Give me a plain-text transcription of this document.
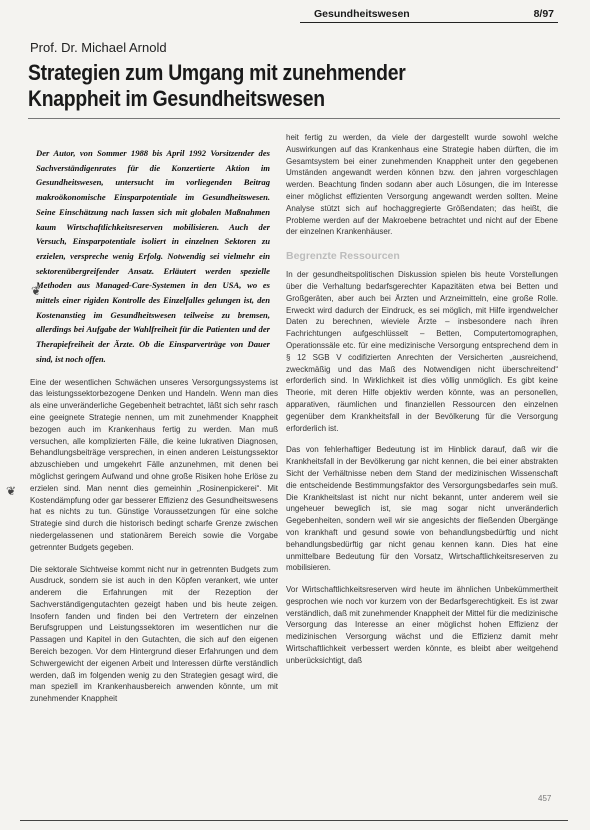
Gesundheitswesen	8/97
Prof. Dr. Michael Arnold
Strategien zum Umgang mit zunehmender Knappheit im Gesundheitswesen

Der Autor, von Sommer 1988 bis April 1992 Vorsitzender des Sachverständigenrates für die Konzertierte Aktion im Gesundheitswesen, untersucht im vorliegenden Beitrag makroökonomische Einsparpotentiale im Gesundheitswesen. Seine Einschätzung nach lassen sich mit globalen Maßnahmen kaum Wirtschaftlichkeitsreserven mobilisieren. Auch der Versuch, Einsparpotentiale isoliert in einzelnen Sektoren zu erzielen, verspreche wenig Erfolg. Notwendig sei vielmehr ein sektorenübergreifender Ansatz. Erläutert werden spezielle Methoden aus Managed-Care-Systemen in den USA, wo es mittels einer rigiden Kontrolle des Einzelfalles gelungen ist, den Kostenanstieg im Gesundheitswesen teilweise zu bremsen, allerdings bei Aufgabe der Wahlfreiheit für die Patienten und der Therapiefreiheit der Ärzte. Ob die Einsparverträge von Dauer sind, ist noch offen.

Eine der wesentlichen Schwächen unseres Versorgungssystems ist das leistungssektorbezogene Denken und Handeln. Wenn man dies als eine unveränderliche Gegebenheit betrachtet, läßt sich sehr rasch eine geeignete Strategie nennen, um mit zunehmender Knappheit bezogen auch im Krankenhaus fertig zu werden. Man muß versuchen, alle komplizierten Fälle, die keine lukrativen Diagnosen, Behandlungsbeiträge versprechen, in einen anderen Leistungssektor abzuschieben und umgekehrt Fälle anzunehmen, mit denen bei möglichst geringem Aufwand und ohne große Risiken hohe Erlöse zu erzielen sind. Man nennt dies gemeinhin „Rosinenpickerei“. Mit Kostendämpfung oder gar besserer Effizienz des Gesundheitswesens hat es nichts zu tun. Günstige Voraussetzungen für eine solche Strategie sind durch die historisch bedingt scharfe Grenze zwischen niedergelassenen und stationärem Bereich sowie die Vorgabe getrennter Budgets gegeben.

Die sektorale Sichtweise kommt nicht nur in getrennten Budgets zum Ausdruck, sondern sie ist auch in den Köpfen verankert, wie unter anderem die Erfahrungen mit der Rezeption der Sachverständigengutachten gezeigt haben und bis heute zeigen. Insofern fanden und finden bei den Vertretern der einzelnen Berufsgruppen und Leistungssektoren im wesentlichen nur die Passagen und Kapitel in den Gutachten, die sich auf den eigenen Bereich bezogen. Vor dem Hintergrund dieser Erfahrungen und dem Schwergewicht der eigenen Arbeit und Interessen dürfte verständlich werden, daß im folgenden wenig zu den Strategien gesagt wird, die man speziell im Krankenhausbereich anwenden könnte, um mit zunehmender Knappheit

heit fertig zu werden, da viele der dargestellt wurde sowohl welche Auswirkungen auf das Krankenhaus eine Strategie haben dürften, die im Gesamtsystem bei einer zunehmenden Knappheit unter den gegebenen Umständen angewandt werden können bzw. den jahren vorgeschlagen werden. Beachtung finden sodann aber auch Lösungen, die im Interesse einer möglichst effizienten Versorgung angewandt werden sollten. Meine Analyse stützt sich auf hochaggregierte Größendaten; das heißt, die Probleme werden auf der Makroebene betrachtet und nicht auf der Ebene der einzelnen Krankenhäuser.

Begrenzte Ressourcen

In der gesundheitspolitischen Diskussion spielen bis heute Vorstellungen über die Verhaltung bedarfsgerechter Kapazitäten etwa bei Betten und Großgeräten, aber auch bei Ärzten und Arzneimitteln, eine große Rolle. Erweckt wird dadurch der Eindruck, es sei möglich, mit Hilfe irgendwelcher Daten zu berechnen, wieviele Ärzte – insbesondere nach ihren Fachrichtungen aufgeschlüsselt – Betten, Computertomographen, Operationssäle etc. für eine medizinische Versorgung entsprechend dem in § 12 SGB V codifizierten Anrechten der Versicherten „ausreichend, zweckmäßig und das Maß des Notwendigen nicht überschreitend“ erforderlich sind. In Wirklichkeit ist dies völlig unmöglich. Es gibt keine Theorie, mit deren Hilfe objektiv werden könnte, was an personellen, apparativen, räumlichen und finanziellen Ressourcen den einzelnen gegenüber dem Krankheitsfall in der Bevölkerung für die Versorgung erforderlich ist.

Das von fehlerhaftiger Bedeutung ist im Hinblick darauf, daß wir die Krankheitsfall in der Bevölkerung gar nicht kennen, die bei einer abstrakten Sicht der Verhältnisse neben dem Stand der medizinischen Wissenschaft die entscheidende Bestimmungsfaktor des Versorgungsbedarfes sein muß. Die Krankheitslast ist nicht nur nicht bekannt, unter anderem weil sie ungeheuer beweglich ist, sie mag sogar nicht unveränderlich Gegebenheiten, sondern weil wir sie angesichts der fließenden Übergänge von krankhaft und gesund sowie von behandlungsbedürftig und nicht behandlungsbedürftig gar nicht genau kennen kann. Dies hat eine unmittelbare Bedeutung für den Vorsatz, Wirtschaftlichkeitsreserven zu mobilisieren.

Vor Wirtschaftlichkeitsreserven wird heute im ähnlichen Unbekümmertheit gesprochen wie noch vor kurzem von der Bedarfsgerechtigkeit. Es ist zwar verständlich, daß mit zunehmender Knappheit der Mittel für die medizinische Versorgung das Interesse an einer möglichst hohen Effizienz der medizinischen Versorgung wächst und die Effizienz damit mehr Wirtschaftlichkeit verbessert werden könnte, es bleibt aber weitgehend unberücksichtigt, daß

❦
❦
457
